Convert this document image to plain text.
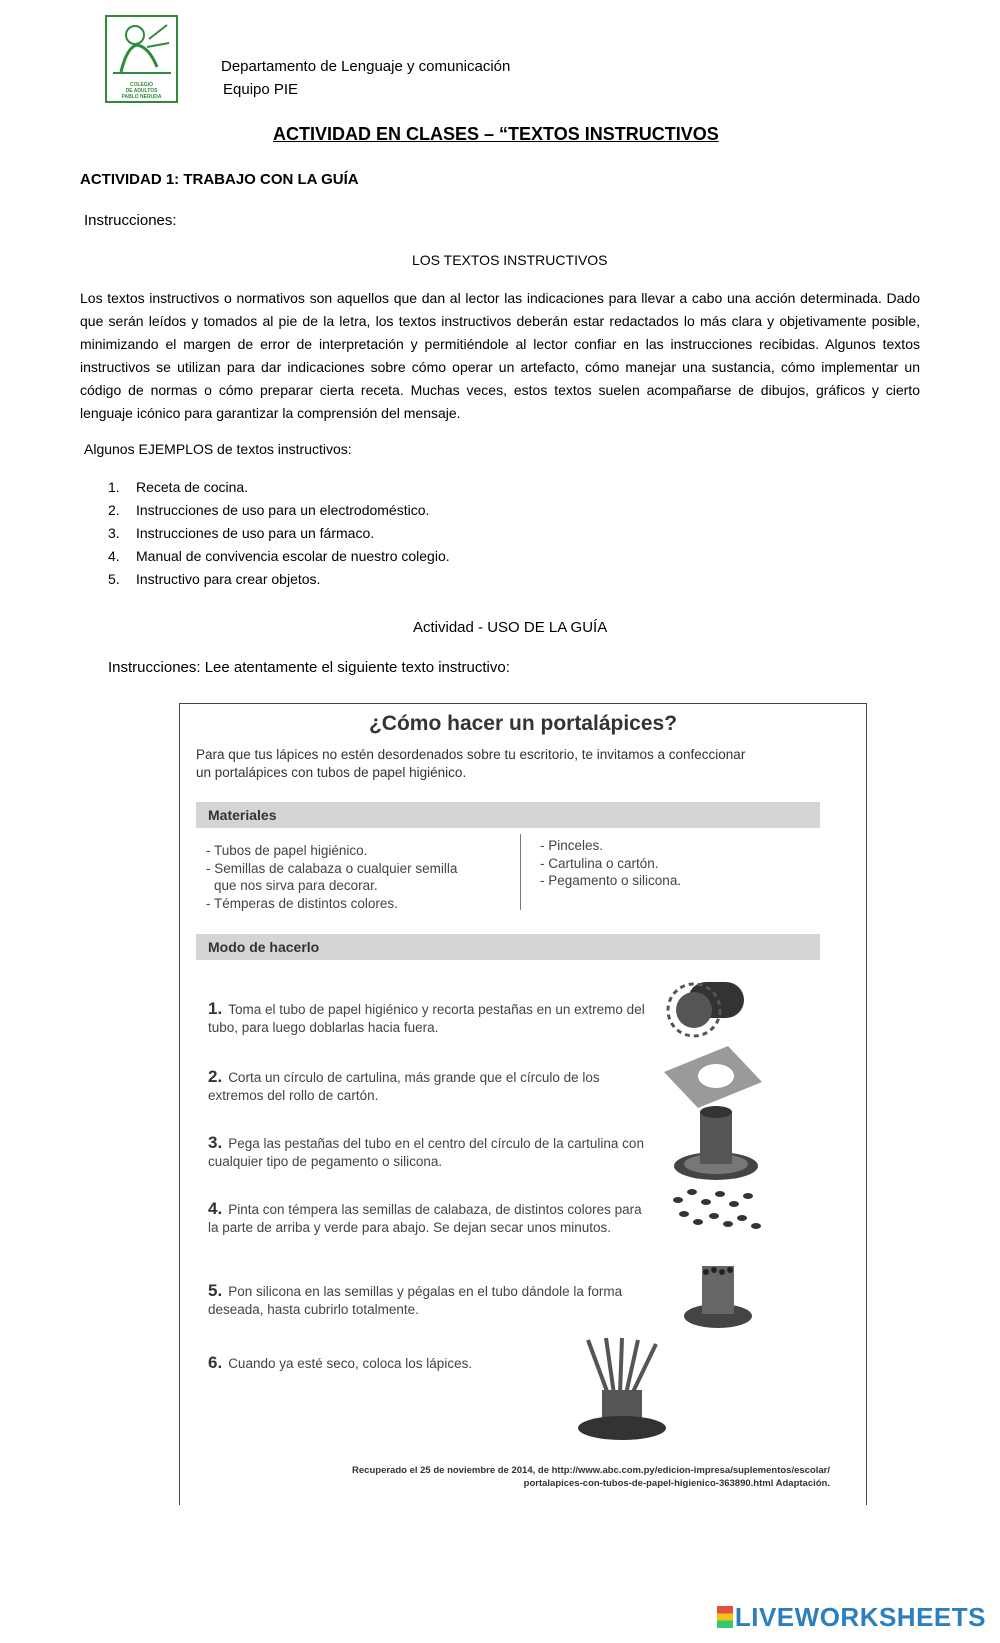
COLEGIO
DE ADULTOS
PABLO NERUDA
Departamento de Lenguaje y comunicación
Equipo PIE
ACTIVIDAD EN CLASES – “TEXTOS INSTRUCTIVOS
ACTIVIDAD 1: TRABAJO CON LA GUÍA
Instrucciones:
LOS TEXTOS INSTRUCTIVOS
Los textos instructivos o normativos son aquellos que dan al lector las indicaciones para llevar a cabo una acción determinada. Dado que serán leídos y tomados al pie de la letra, los textos instructivos deberán estar redactados lo más clara y objetivamente posible, minimizando el margen de error de interpretación y permitiéndole al lector confiar en las instrucciones recibidas. Algunos textos instructivos se utilizan para dar indicaciones sobre cómo operar un artefacto, cómo manejar una sustancia, cómo implementar un código de normas o cómo preparar cierta receta. Muchas veces, estos textos suelen acompañarse de dibujos, gráficos y cierto lenguaje icónico para garantizar la comprensión del mensaje.
Algunos EJEMPLOS de textos instructivos:
1. Receta de cocina.
2. Instrucciones de uso para un electrodoméstico.
3. Instrucciones de uso para un fármaco.
4. Manual de convivencia escolar de nuestro colegio.
5. Instructivo para crear objetos.
Actividad - USO DE LA GUÍA
Instrucciones: Lee atentamente el siguiente texto instructivo:
¿Cómo hacer un portalápices?
Para que tus lápices no estén desordenados sobre tu escritorio, te invitamos a confeccionar un portalápices con tubos de papel higiénico.
Materiales
- Tubos de papel higiénico.
- Semillas de calabaza o cualquier semilla
que nos sirva para decorar.
- Témperas de distintos colores.
- Pinceles.
- Cartulina o cartón.
- Pegamento o silicona.
Modo de hacerlo
1. Toma el tubo de papel higiénico y recorta pestañas en un extremo del tubo, para luego doblarlas hacia fuera.
2. Corta un círculo de cartulina, más grande que el círculo de los extremos del rollo de cartón.
3. Pega las pestañas del tubo en el centro del círculo de la cartulina con cualquier tipo de pegamento o silicona.
4. Pinta con témpera las semillas de calabaza, de distintos colores para la parte de arriba y verde para abajo. Se dejan secar unos minutos.
5. Pon silicona en las semillas y pégalas en el tubo dándole la forma deseada, hasta cubrirlo totalmente.
6. Cuando ya esté seco, coloca los lápices.
Recuperado el 25 de noviembre de 2014, de http://www.abc.com.py/edicion-impresa/suplementos/escolar/
portalapices-con-tubos-de-papel-higienico-363890.html Adaptación.
LIVEWORKSHEETS
